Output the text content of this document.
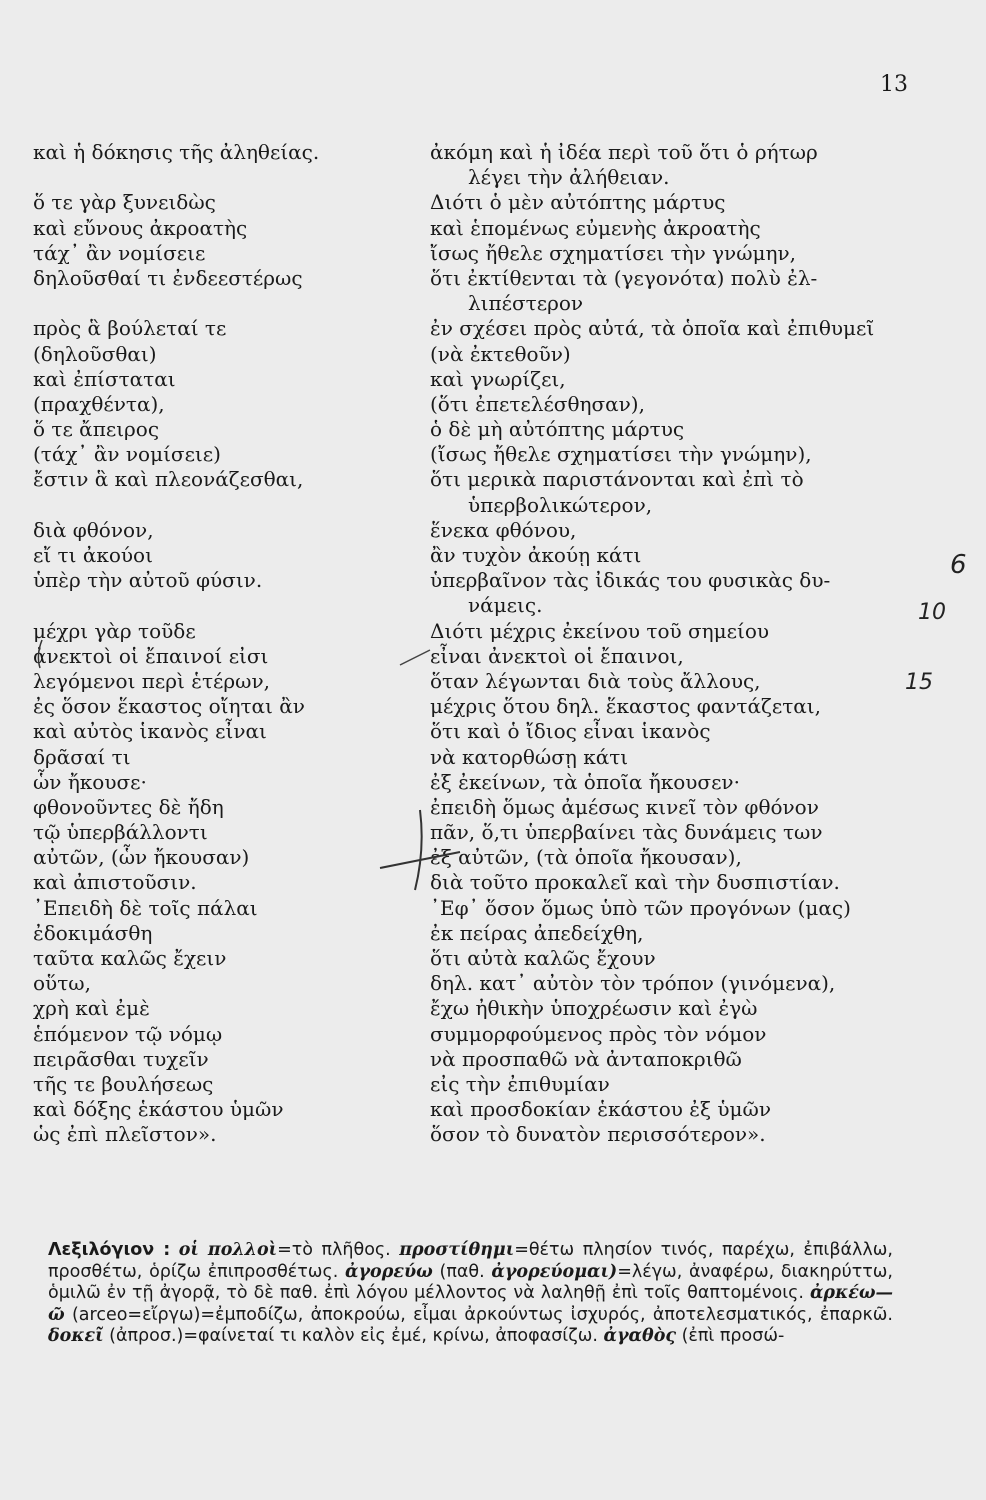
13
καὶ ἡ δόκησις τῆς ἀληθείας.
ὅ τε γὰρ ξυνειδὼς
καὶ εὔνους ἀκροατὴς
τάχ᾽ ἂν νομίσειε
δηλοῦσθαί τι ἐνδεεστέρως
πρὸς ἃ βούλεταί τε
(δηλοῦσθαι)
καὶ ἐπίσταται
(πραχθέντα),
ὅ τε ἄπειρος
(τάχ᾽ ἂν νομίσειε)
ἔστιν ἃ καὶ πλεονάζεσθαι,
διὰ φθόνον,
εἴ τι ἀκούοι
ὑπὲρ τὴν αὐτοῦ φύσιν.
μέχρι γὰρ τοῦδε
ἀνεκτοὶ οἱ ἔπαινοί εἰσι
λεγόμενοι περὶ ἑτέρων,
ἐς ὅσον ἕκαστος οἴηται ἂν
καὶ αὐτὸς ἱκανὸς εἶναι
δρᾶσαί τι
ὧν ἤκουσε·
φθονοῦντες δὲ ἤδη
τῷ ὑπερβάλλοντι
αὐτῶν, (ὧν ἤκουσαν)
καὶ ἀπιστοῦσιν.
᾿Επειδὴ δὲ τοῖς πάλαι
ἐδοκιμάσθη
ταῦτα καλῶς ἔχειν
οὕτω,
χρὴ καὶ ἐμὲ
ἑπόμενον τῷ νόμῳ
πειρᾶσθαι τυχεῖν
τῆς τε βουλήσεως
καὶ δόξης ἑκάστου ὑμῶν
ὡς ἐπὶ πλεῖστον».
ἀκόμη καὶ ἡ ἰδέα περὶ τοῦ ὅτι ὁ ρήτωρ
λέγει τὴν ἀλήθειαν.
Διότι ὁ μὲν αὐτόπτης μάρτυς
καὶ ἑπομένως εὐμενὴς ἀκροατὴς
ἴσως ἤθελε σχηματίσει τὴν γνώμην,
ὅτι ἐκτίθενται τὰ (γεγονότα) πολὺ ἐλ-
λιπέστερον
ἐν σχέσει πρὸς αὐτά, τὰ ὁποῖα καὶ ἐπιθυμεῖ
(νὰ ἐκτεθοῦν)
καὶ γνωρίζει,
(ὅτι ἐπετελέσθησαν),
ὁ δὲ μὴ αὐτόπτης μάρτυς
(ἴσως ἤθελε σχηματίσει τὴν γνώμην),
ὅτι μερικὰ παριστάνονται καὶ ἐπὶ τὸ
ὑπερβολικώτερον,
ἕνεκα φθόνου,
ἂν τυχὸν ἀκούῃ κάτι
ὑπερβαῖνον τὰς ἰδικάς του φυσικὰς δυ-
νάμεις.
Διότι μέχρις ἐκείνου τοῦ σημείου
εἶναι ἀνεκτοὶ οἱ ἔπαινοι,
ὅταν λέγωνται διὰ τοὺς ἄλλους,
μέχρις ὅτου δηλ. ἕκαστος φαντάζεται,
ὅτι καὶ ὁ ἴδιος εἶναι ἱκανὸς
νὰ κατορθώσῃ κάτι
ἐξ ἐκείνων, τὰ ὁποῖα ἤκουσεν·
ἐπειδὴ ὅμως ἀμέσως κινεῖ τὸν φθόνον
πᾶν, ὅ,τι ὑπερβαίνει τὰς δυνάμεις των
ἐξ αὐτῶν, (τὰ ὁποῖα ἤκουσαν),
διὰ τοῦτο προκαλεῖ καὶ τὴν δυσπιστίαν.
᾿Εφ᾽ ὅσον ὅμως ὑπὸ τῶν προγόνων (μας)
ἐκ πείρας ἀπεδείχθη,
ὅτι αὐτὰ καλῶς ἔχουν
δηλ. κατ᾽ αὐτὸν τὸν τρόπον (γινόμενα),
ἔχω ἠθικὴν ὑποχρέωσιν καὶ ἐγὼ
συμμορφούμενος πρὸς τὸν νόμον
νὰ προσπαθῶ νὰ ἀνταποκριθῶ
εἰς τὴν ἐπιθυμίαν
καὶ προσδοκίαν ἑκάστου ἐξ ὑμῶν
ὅσον τὸ δυνατὸν περισσότερον».
Λεξιλόγιον : οἱ πολλοὶ=τὸ πλῆθος. προστίθημι=θέτω πλησίον τινός, παρέχω, ἐπιβάλλω, προσθέτω, ὁρίζω ἐπιπροσθέτως. ἀγορεύω (παθ. ἀγορεύομαι)=λέγω, ἀναφέρω, διακηρύττω, ὁμιλῶ ἐν τῇ ἀγορᾷ, τὸ δὲ παθ. ἐπὶ λόγου μέλλοντος νὰ λαληθῇ ἐπὶ τοῖς θαπτομένοις. ἀρκέω—ῶ (arceo=εἴργω)=ἐμποδίζω, ἀποκρούω, εἶμαι ἀρκούντως ἰσχυρός, ἀποτελεσματικός, ἐπαρκῶ. δοκεῖ (ἀπροσ.)=φαίνεταί τι καλὸν εἰς ἐμέ, κρίνω, ἀποφασίζω. ἀγαθὸς (ἐπὶ προσώ-
6
10
15
